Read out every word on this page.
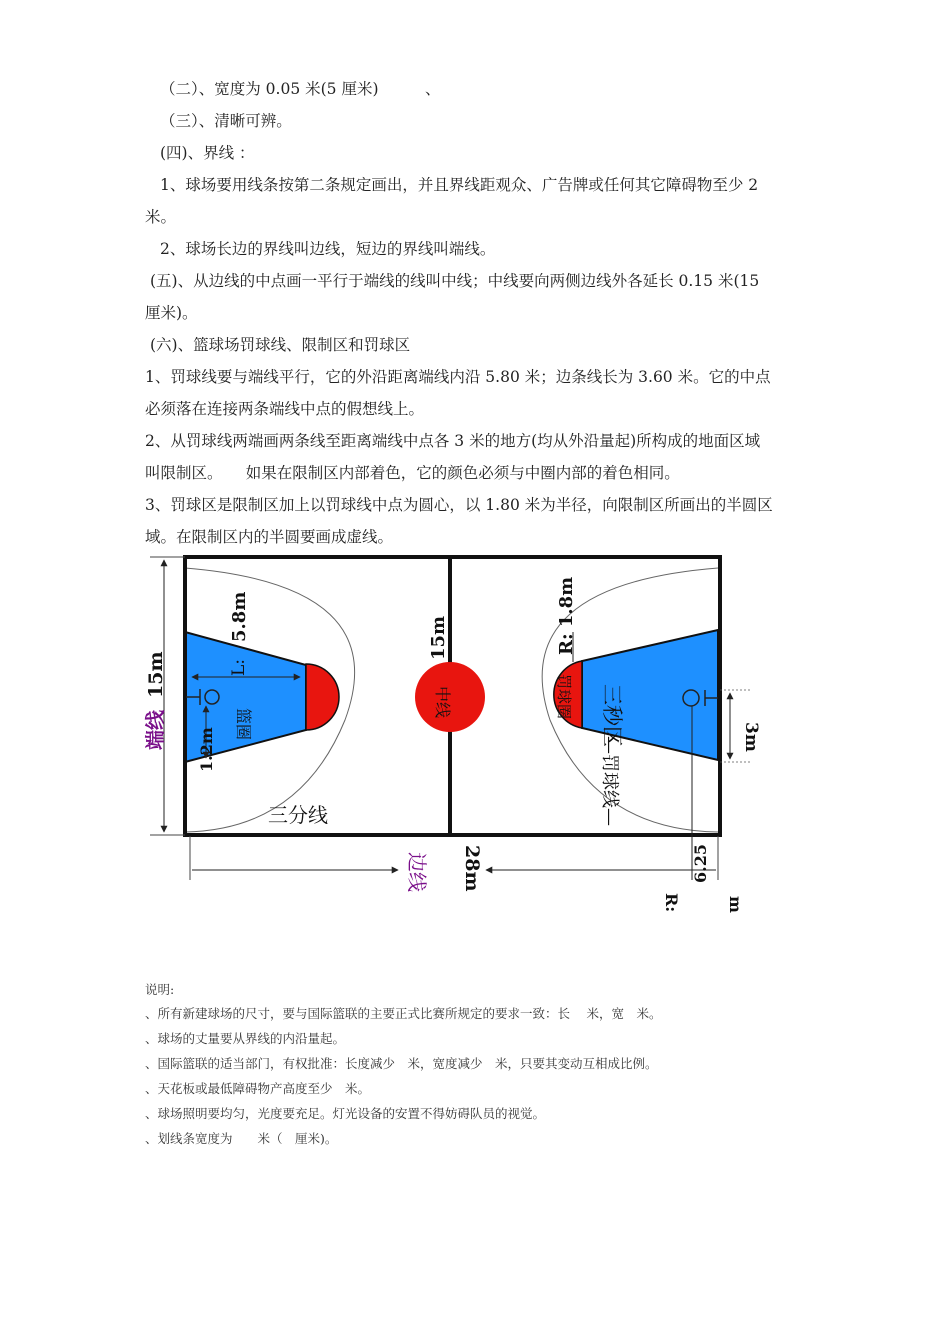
（二）、宽度为 0.05 米(5 厘米)　　　、
（三）、清晰可辨。
(四)、界线 ：
1、球场要用线条按第二条规定画出，并且界线距观众、广告牌或任何其它障碍物至少 2
米。
2、球场长边的界线叫边线，短边的界线叫端线。
(五)、从边线的中点画一平行于端线的线叫中线；中线要向两侧边线外各延长 0.15 米(15
厘米)。
(六)、篮球场罚球线、限制区和罚球区
1、罚球线要与端线平行，它的外沿距离端线内沿 5.80 米；边条线长为 3.60 米。它的中点
必须落在连接两条端线中点的假想线上。
2、从罚球线两端画两条线至距离端线中点各 3 米的地方(均从外沿量起)所构成的地面区域
叫限制区。　　如果在限制区内部着色，它的颜色必须与中圈内部的着色相同。
3、罚球区是限制区加上以罚球线中点为圆心，以 1.80 米为半径，向限制区所画出的半圆区
域。在限制区内的半圆要画成虚线。
端线
15m
5.8m
L:
篮圈
1.2m
三分线
15m
中线
R: 1.8m
罚球圈 三秒区
—罚球线—	3m
边线 28m
R:
6.25
m
说明:
、所有新建球场的尺寸，要与国际篮联的主要正式比赛所规定的要求一致：长　 米，宽　米。
、球场的丈量要从界线的内沿量起。
、国际篮联的适当部门，有权批准：长度减少　米，宽度减少　米，只要其变动互相成比例。
、天花板或最低障碍物产高度至少　米。
、球场照明要均匀，光度要充足。灯光设备的安置不得妨碍队员的视觉。
、划线条宽度为　　米（　厘米)。
